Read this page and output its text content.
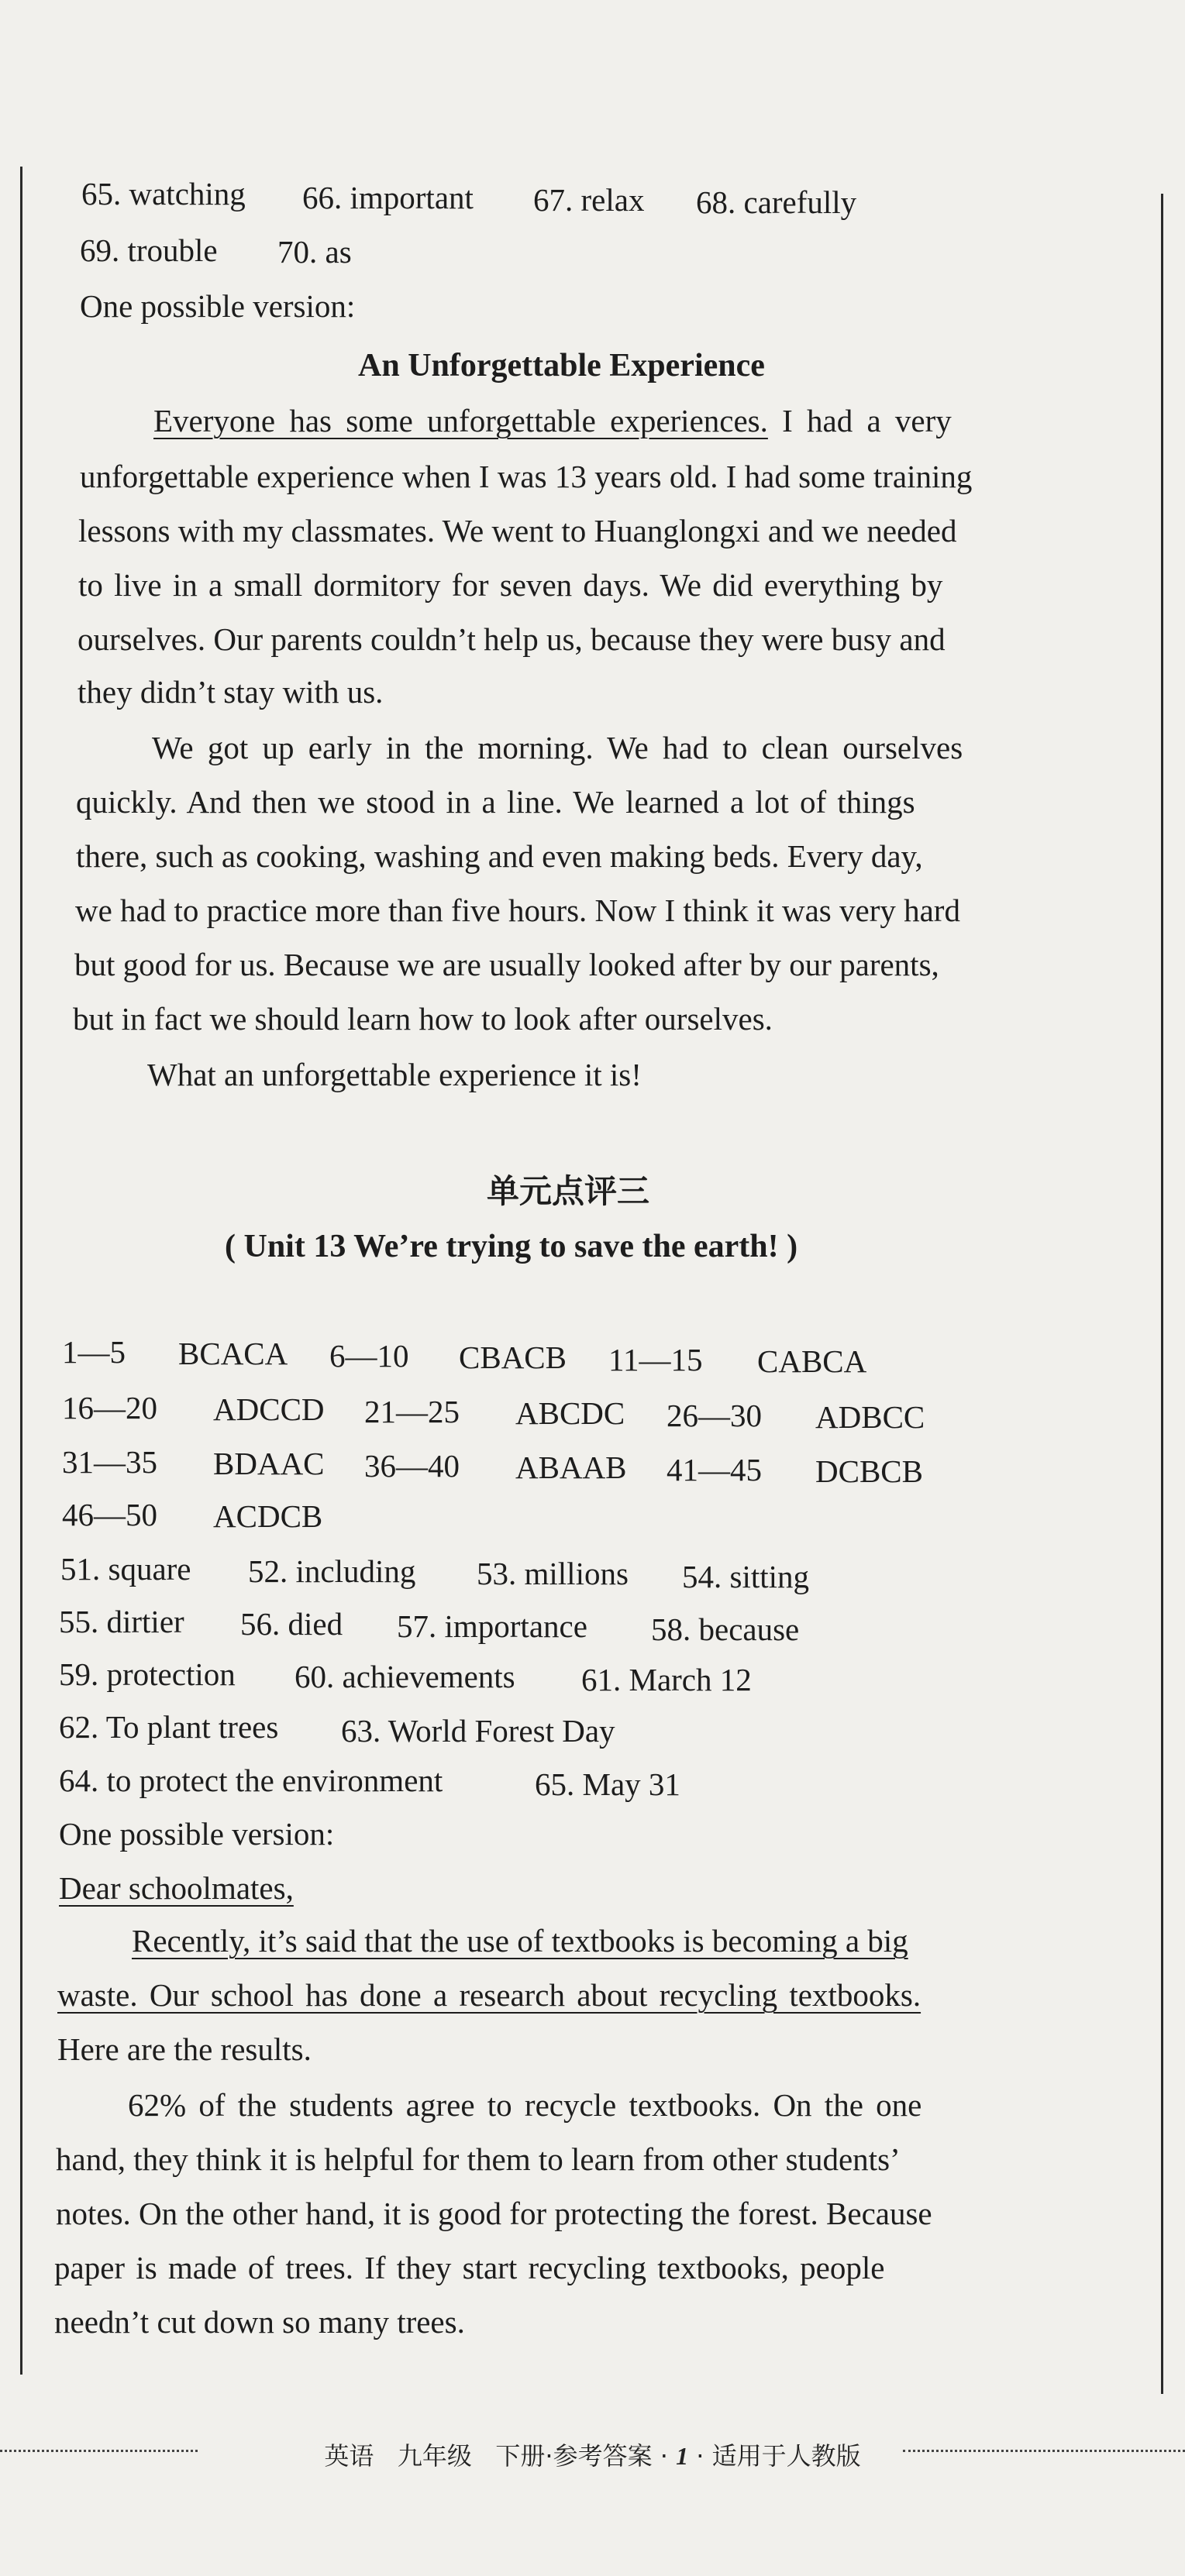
65. watching 66. important 67. relax 68. carefully
69. trouble 70. as
One possible version:
An Unforgettable Experience
Everyone has some unforgettable experiences. I had a very
unforgettable experience when I was 13 years old. I had some training
lessons with my classmates. We went to Huanglongxi and we needed
to live in a small dormitory for seven days. We did everything by
ourselves. Our parents couldn’t help us, because they were busy and
they didn’t stay with us.
We got up early in the morning. We had to clean ourselves
quickly. And then we stood in a line. We learned a lot of things
there, such as cooking, washing and even making beds. Every day,
we had to practice more than five hours. Now I think it was very hard
but good for us. Because we are usually looked after by our parents,
but in fact we should learn how to look after ourselves.
What an unforgettable experience it is!
单元点评三
( Unit 13 We’re trying to save the earth! )
1—5 BCACA 6—10 CBACB 11—15 CABCA
16—20 ADCCD 21—25 ABCDC 26—30 ADBCC
31—35 BDAAC 36—40 ABAAB 41—45 DCBCB
46—50 ACDCB
51. square 52. including 53. millions 54. sitting
55. dirtier 56. died 57. importance 58. because
59. protection 60. achievements 61. March 12
62. To plant trees 63. World Forest Day
64. to protect the environment	65. May 31
One possible version:
Dear schoolmates,
Recently, it’s said that the use of textbooks is becoming a big
waste. Our school has done a research about recycling textbooks.
Here are the results.
62% of the students agree to recycle textbooks. On the one
hand, they think it is helpful for them to learn from other students’
notes. On the other hand, it is good for protecting the forest. Because
paper is made of trees. If they start recycling textbooks, people
needn’t cut down so many trees.
英语 九年级 下册·参考答案 · 1 · 适用于人教版
